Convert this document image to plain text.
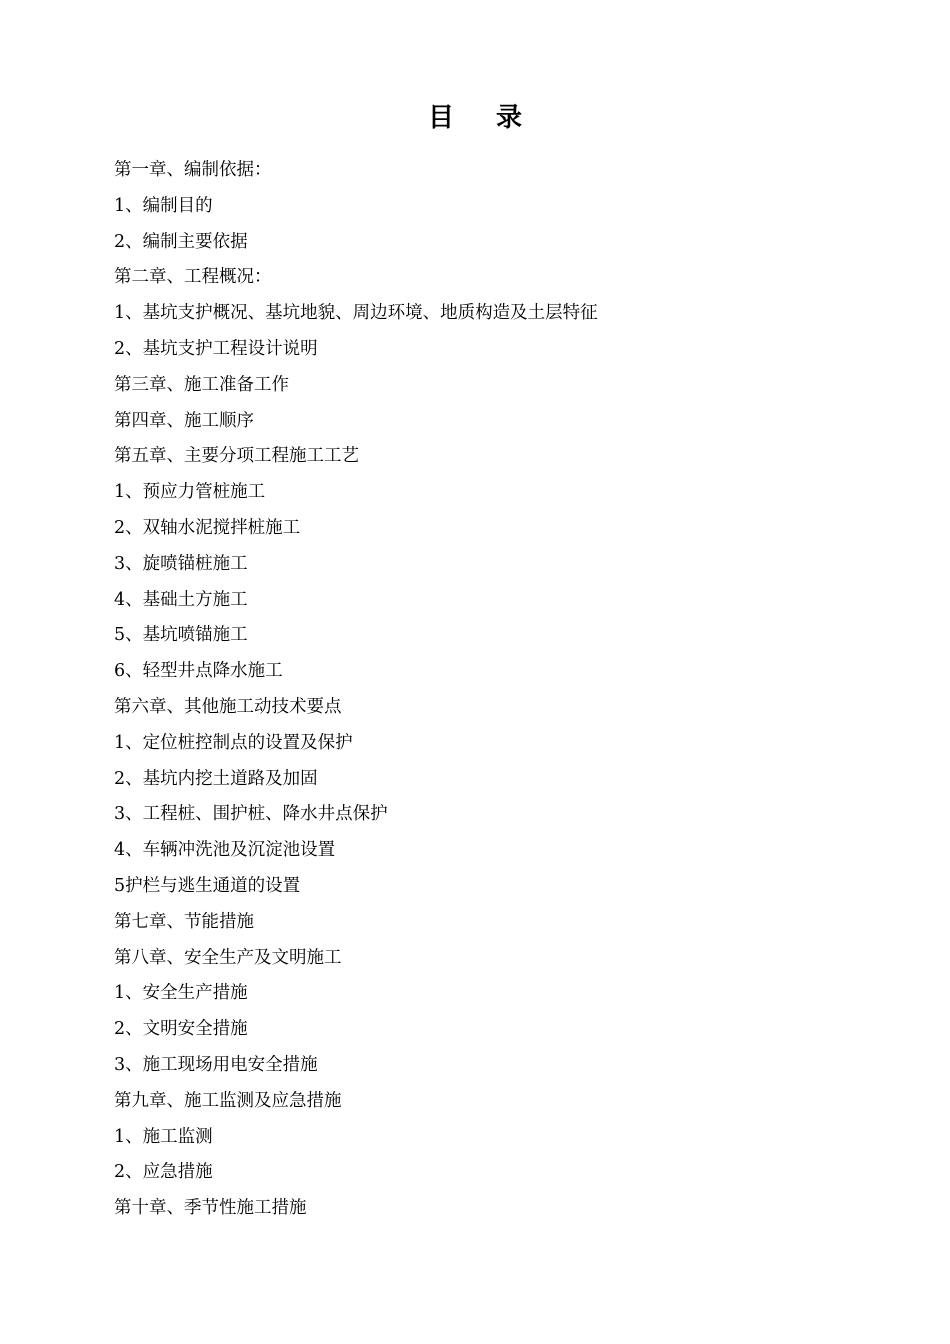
目录
第一章、编制依据：
1、编制目的
2、编制主要依据
第二章、工程概况：
1、基坑支护概况、基坑地貌、周边环境、地质构造及土层特征
2、基坑支护工程设计说明
第三章、施工准备工作
第四章、施工顺序
第五章、主要分项工程施工工艺
1、预应力管桩施工
2、双轴水泥搅拌桩施工
3、旋喷锚桩施工
4、基础土方施工
5、基坑喷锚施工
6、轻型井点降水施工
第六章、其他施工动技术要点
1、定位桩控制点的设置及保护
2、基坑内挖土道路及加固
3、工程桩、围护桩、降水井点保护
4、车辆冲洗池及沉淀池设置
5护栏与逃生通道的设置
第七章、节能措施
第八章、安全生产及文明施工
1、安全生产措施
2、文明安全措施
3、施工现场用电安全措施
第九章、施工监测及应急措施
1、施工监测
2、应急措施
第十章、季节性施工措施
